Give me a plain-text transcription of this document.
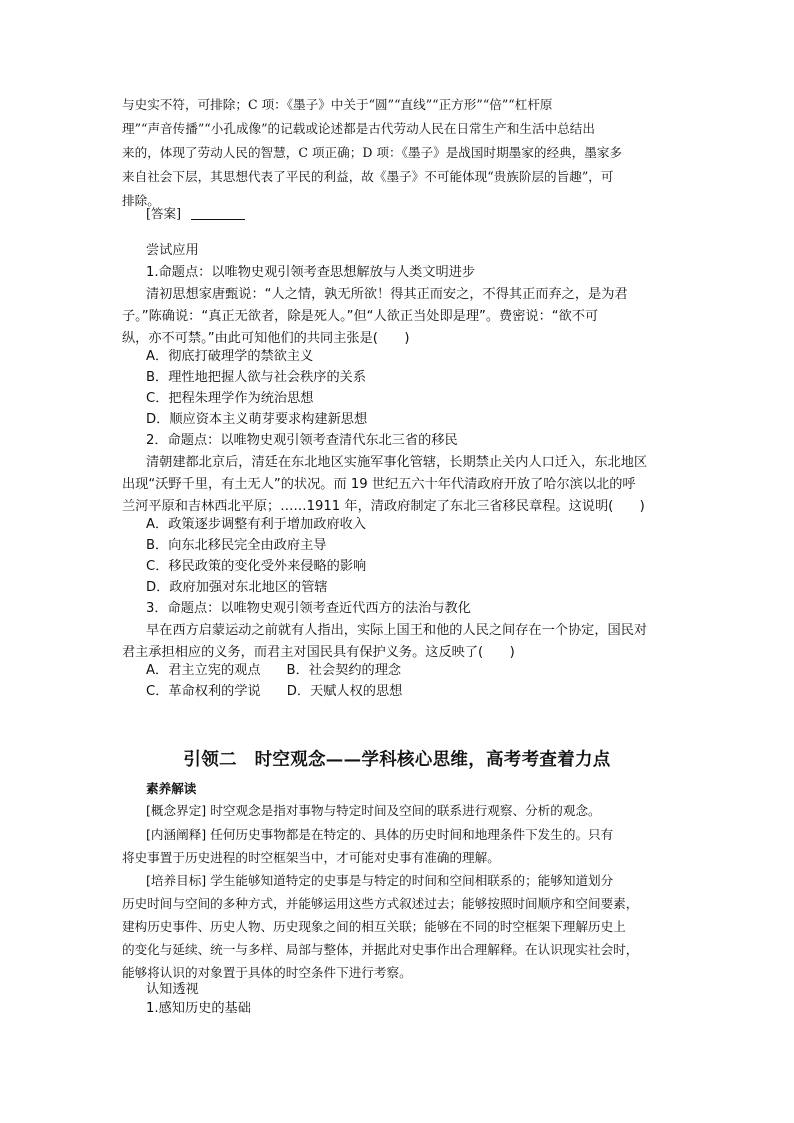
与史实不符，可排除；C 项：《墨子》中关于“圆”“直线”“正方形”“倍”“杠杆原
理”“声音传播”“小孔成像”的记载或论述都是古代劳动人民在日常生产和生活中总结出
来的，体现了劳动人民的智慧，C 项正确；D 项：《墨子》是战国时期墨家的经典，墨家多
来自社会下层，其思想代表了平民的利益，故《墨子》不可能体现“贵族阶层的旨趣”，可
排除。
[答案]
尝试应用
1.命题点：以唯物史观引领考查思想解放与人类文明进步
清初思想家唐甄说：“人之情，孰无所欲！得其正而安之，不得其正而弃之，是为君
子。”陈确说：“真正无欲者，除是死人。”但“人欲正当处即是理”。费密说：“欲不可
纵，亦不可禁。”由此可知他们的共同主张是(　　)
A．彻底打破理学的禁欲主义
B．理性地把握人欲与社会秩序的关系
C．把程朱理学作为统治思想
D．顺应资本主义萌芽要求构建新思想
2．命题点：以唯物史观引领考查清代东北三省的移民
清朝建都北京后，清廷在东北地区实施军事化管辖，长期禁止关内人口迁入，东北地区
出现“沃野千里，有土无人”的状况。而 19 世纪五六十年代清政府开放了哈尔滨以北的呼
兰河平原和吉林西北平原；……1911 年，清政府制定了东北三省移民章程。这说明(　　)
A．政策逐步调整有利于增加政府收入
B．向东北移民完全由政府主导
C．移民政策的变化受外来侵略的影响
D．政府加强对东北地区的管辖
3．命题点：以唯物史观引领考查近代西方的法治与教化
早在西方启蒙运动之前就有人指出，实际上国王和他的人民之间存在一个协定，国民对
君主承担相应的义务，而君主对国民具有保护义务。这反映了(　　)
A．君主立宪的观点 B．社会契约的理念
C．革命权利的学说 D．天赋人权的思想
引领二　时空观念——学科核心思维，高考考查着力点
素养解读
[概念界定] 时空观念是指对事物与特定时间及空间的联系进行观察、分析的观念。
[内涵阐释] 任何历史事物都是在特定的、具体的历史时间和地理条件下发生的。只有
将史事置于历史进程的时空框架当中，才可能对史事有准确的理解。
[培养目标] 学生能够知道特定的史事是与特定的时间和空间相联系的；能够知道划分
历史时间与空间的多种方式，并能够运用这些方式叙述过去；能够按照时间顺序和空间要素，
建构历史事件、历史人物、历史现象之间的相互关联；能够在不同的时空框架下理解历史上
的变化与延续、统一与多样、局部与整体，并据此对史事作出合理解释。在认识现实社会时，
能够将认识的对象置于具体的时空条件下进行考察。
认知透视
1.感知历史的基础
